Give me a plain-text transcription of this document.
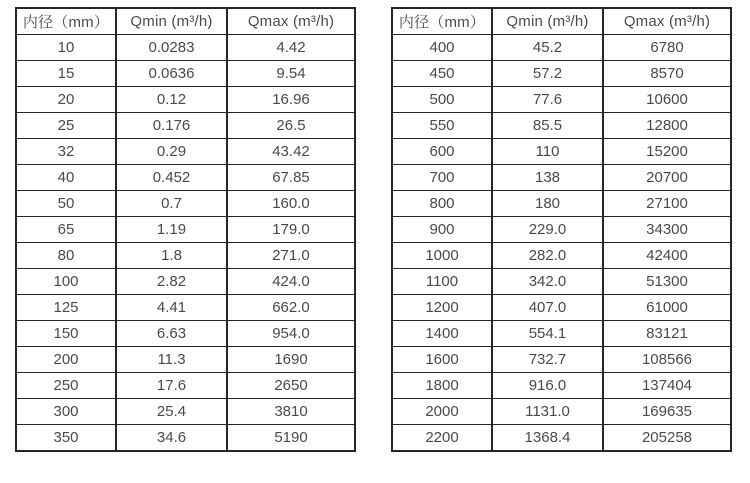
内径（mm）	Qmin (m³/h)	Qmax (m³/h)
10	0.0283	4.42
15	0.0636	9.54
20	0.12	16.96
25	0.176	26.5
32	0.29	43.42
40	0.452	67.85
50	0.7	160.0
65	1.19	179.0
80	1.8	271.0
100	2.82	424.0
125	4.41	662.0
150	6.63	954.0
200	11.3	1690
250	17.6	2650
300	25.4	3810
350	34.6	5190
内径（mm）	Qmin (m³/h)	Qmax (m³/h)
400	45.2	6780
450	57.2	8570
500	77.6	10600
550	85.5	12800
600	110	15200
700	138	20700
800	180	27100
900	229.0	34300
1000	282.0	42400
1100	342.0	51300
1200	407.0	61000
1400	554.1	83121
1600	732.7	108566
1800	916.0	137404
2000	1131.0	169635
2200	1368.4	205258
